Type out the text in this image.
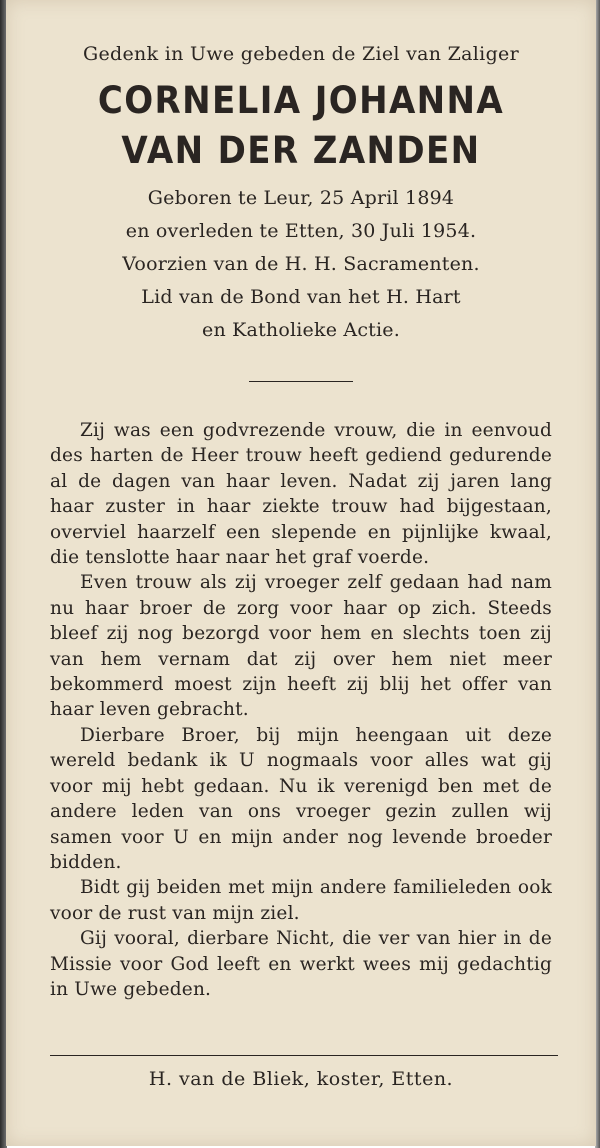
Gedenk in Uwe gebeden de Ziel van Zaliger
CORNELIA JOHANNA
VAN DER ZANDEN
Geboren te Leur, 25 April 1894
en overleden te Etten, 30 Juli 1954.
Voorzien van de H. H. Sacramenten.
Lid van de Bond van het H. Hart
en Katholieke Actie.

Zij was een godvrezende vrouw, die in eenvoud des harten de Heer trouw heeft gediend gedurende al de dagen van haar leven. Nadat zij jaren lang haar zuster in haar ziekte trouw had bijgestaan, overviel haarzelf een slepende en pijnlijke kwaal, die tenslotte haar naar het graf voerde.

Even trouw als zij vroeger zelf gedaan had nam nu haar broer de zorg voor haar op zich. Steeds bleef zij nog bezorgd voor hem en slechts toen zij van hem vernam dat zij over hem niet meer bekommerd moest zijn heeft zij blij het offer van haar leven gebracht.

Dierbare Broer, bij mijn heengaan uit deze wereld bedank ik U nogmaals voor alles wat gij voor mij hebt gedaan. Nu ik verenigd ben met de andere leden van ons vroeger gezin zullen wij samen voor U en mijn ander nog levende broeder bidden.

Bidt gij beiden met mijn andere familieleden ook voor de rust van mijn ziel.

Gij vooral, dierbare Nicht, die ver van hier in de Missie voor God leeft en werkt wees mij gedachtig in Uwe gebeden.

H. van de Bliek, koster, Etten.
